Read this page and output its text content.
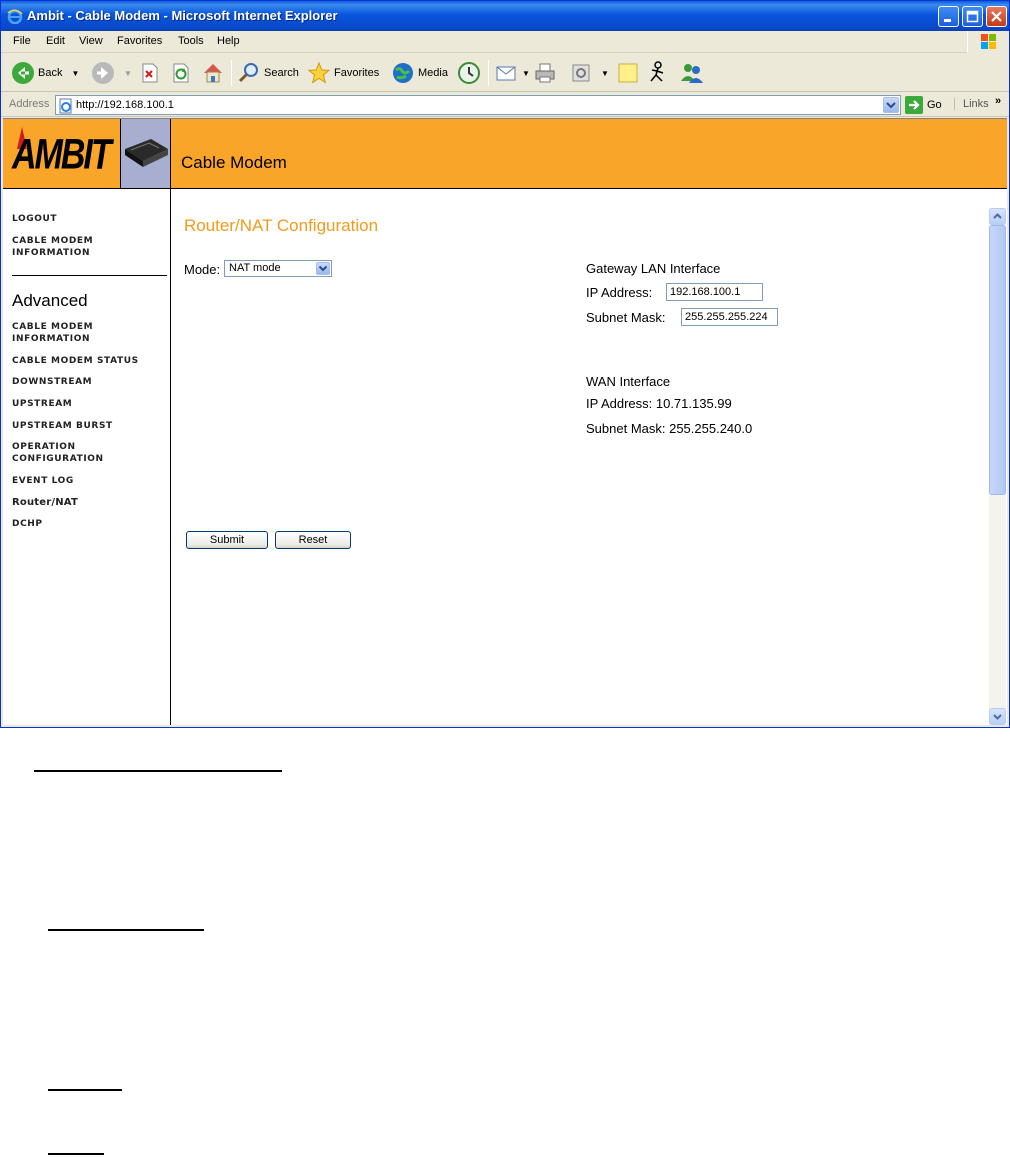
Ambit - Cable Modem - Microsoft Internet Explorer
File Edit View Favorites Tools Help
Back ▼	▼	Search	Favorites	Media	▼	▼
Address http://192.168.100.1	Go	Links »
AMBIT	Cable Modem
LOGOUT
CABLE MODEM
INFORMATION
Advanced
CABLE MODEM
INFORMATION
CABLE MODEM STATUS
DOWNSTREAM
UPSTREAM
UPSTREAM BURST
OPERATION
CONFIGURATION
EVENT LOG
Router/NAT
DCHP
Router/NAT Configuration
Mode: NAT mode	Gateway LAN Interface
IP Address:	192.168.100.1
Subnet Mask:	255.255.255.224
WAN Interface
IP Address: 10.71.135.99
Subnet Mask: 255.255.240.0
Submit	Reset
